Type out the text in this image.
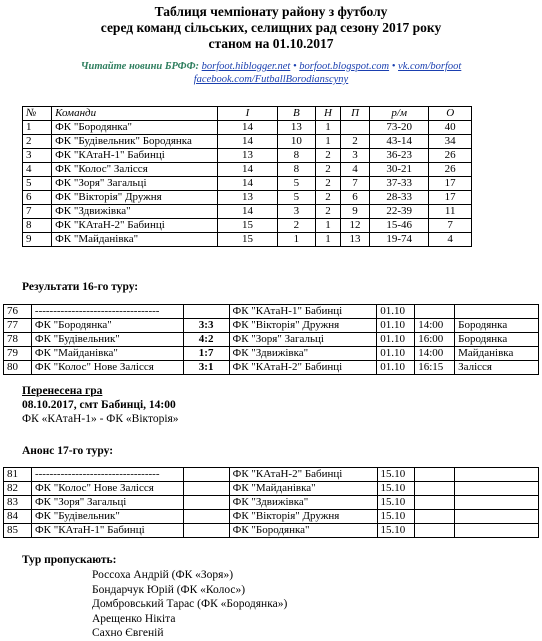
Таблиця чемпіонату району з футболу
серед команд сільських, селищних рад сезону 2017 року
станом на 01.10.2017
Читайте новини БРФФ: borfoot.hiblogger.net • borfoot.blogspot.com • vk.com/borfoot
facebook.com/FutballBorodianscyny
№	Команди	І	В	Н	П	р/м	О
1	ФК "Бородянка"	14	13	1		73-20	40
2	ФК "Будівельник" Бородянка	14	10	1	2	43-14	34
3	ФК "КАтаН-1" Бабинці	13	8	2	3	36-23	26
4	ФК "Колос" Залісся	14	8	2	4	30-21	26
5	ФК "Зоря" Загальці	14	5	2	7	37-33	17
6	ФК "Вікторія" Дружня	13	5	2	6	28-33	17
7	ФК "Здвижівка"	14	3	2	9	22-39	11
8	ФК "КАтаН-2" Бабинці	15	2	1	12	15-46	7
9	ФК "Майданівка"	15	1	1	13	19-74	4
Результати 16-го туру:
76	----------------------------------		ФК "КАтаН-1" Бабинці	01.10		
77	ФК "Бородянка"	3:3	ФК "Вікторія" Дружня	01.10	14:00	Бородянка
78	ФК "Будівельник"	4:2	ФК "Зоря" Загальці	01.10	16:00	Бородянка
79	ФК "Майданівка"	1:7	ФК "Здвижівка"	01.10	14:00	Майданівка
80	ФК "Колос" Нове Залісся	3:1	ФК "КАтаН-2" Бабинці	01.10	16:15	Залісся
Перенесена гра
08.10.2017, смт Бабинці, 14:00
ФК «КАтаН-1» - ФК «Вікторія»
Анонс 17-го туру:
81	----------------------------------		ФК "КАтаН-2" Бабинці	15.10		
82	ФК "Колос" Нове Залісся		ФК "Майданівка"	15.10		
83	ФК "Зоря" Загальці		ФК "Здвижівка"	15.10		
84	ФК "Будівельник"		ФК "Вікторія" Дружня	15.10		
85	ФК "КАтаН-1" Бабинці		ФК "Бородянка"	15.10		
Тур пропускають:
Россоха Андрій (ФК «Зоря»)
Бондарчук Юрій (ФК «Колос»)
Домбровський Тарас (ФК «Бородянка»)
Арещенко Нікіта
Сахно Євгеній
